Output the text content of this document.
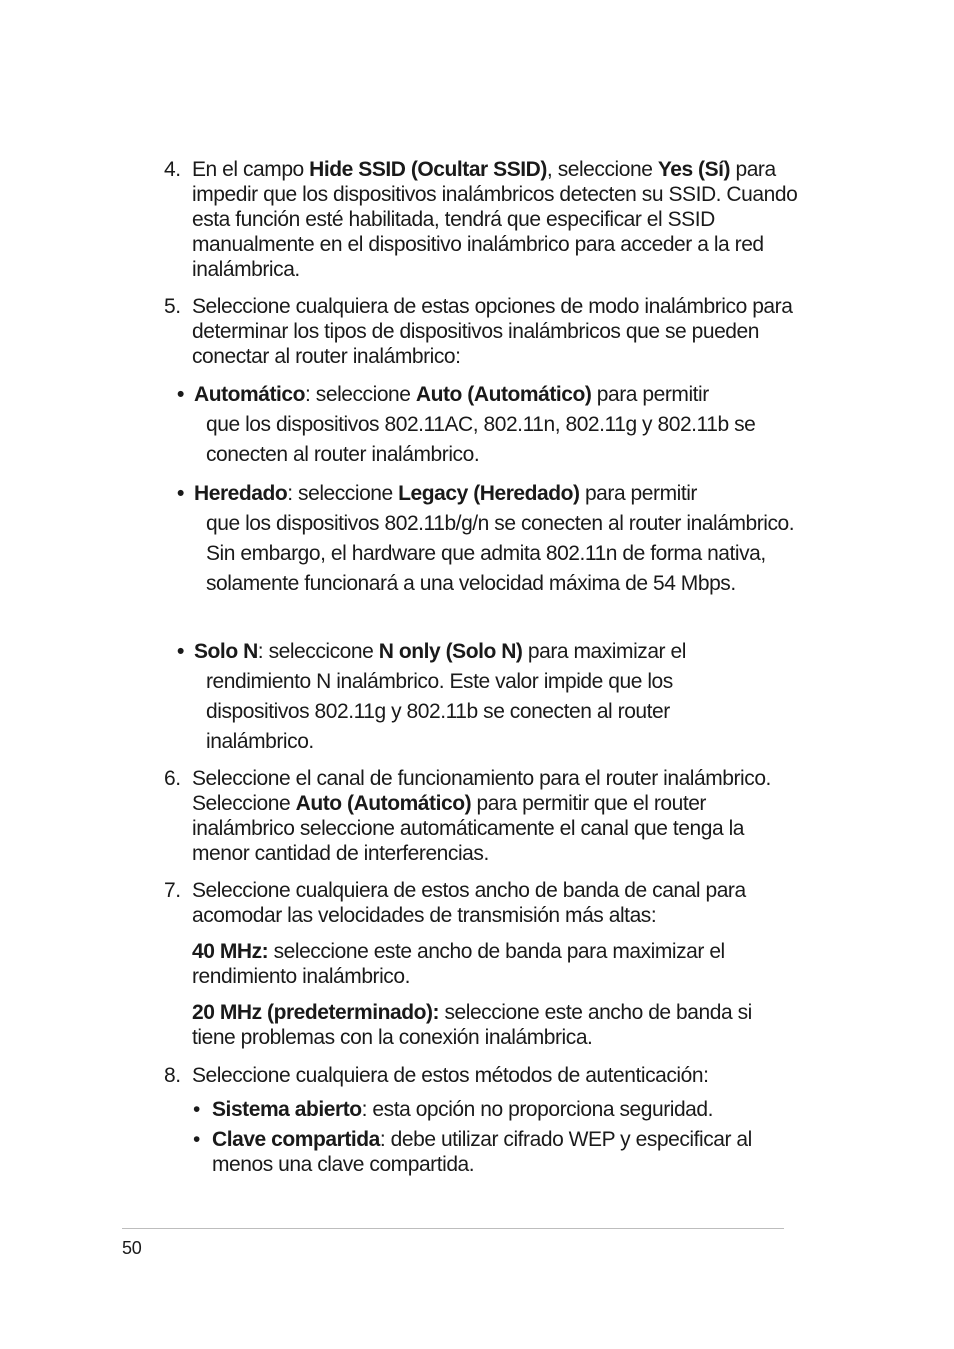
4. En el campo Hide SSID (Ocultar SSID), seleccione Yes (Sí) para impedir que los dispositivos inalámbricos detecten su SSID. Cuando esta función esté habilitada, tendrá que especificar el SSID manualmente en el dispositivo inalámbrico para acceder a la red inalámbrica.
5. Seleccione cualquiera de estas opciones de modo inalámbrico para determinar los tipos de dispositivos inalámbricos que se pueden conectar al router inalámbrico:
• Automático: seleccione Auto (Automático) para permitir

que los dispositivos 802.11AC, 802.11n, 802.11g y 802.11b se conecten al router inalámbrico.

• Heredado: seleccione Legacy (Heredado) para permitir

que los dispositivos 802.11b/g/n se conecten al router inalámbrico. Sin embargo, el hardware que admita 802.11n de forma nativa, solamente funcionará a una velocidad máxima de 54 Mbps.

• Solo N: seleccicone N only (Solo N) para maximizar el

rendimiento N inalámbrico. Este valor impide que los dispositivos 802.11g y 802.11b se conecten al router inalámbrico.

6. Seleccione el canal de funcionamiento para el router inalámbrico. Seleccione Auto (Automático) para permitir que el router inalámbrico seleccione automáticamente el canal que tenga la menor cantidad de interferencias.
7. Seleccione cualquiera de estos ancho de banda de canal para acomodar las velocidades de transmisión más altas:

40 MHz: seleccione este ancho de banda para maximizar el rendimiento inalámbrico.

20 MHz (predeterminado): seleccione este ancho de banda si tiene problemas con la conexión inalámbrica.

8. Seleccione cualquiera de estos métodos de autenticación:
• Sistema abierto: esta opción no proporciona seguridad.

• Clave compartida: debe utilizar cifrado WEP y especificar al menos una clave compartida.

50
